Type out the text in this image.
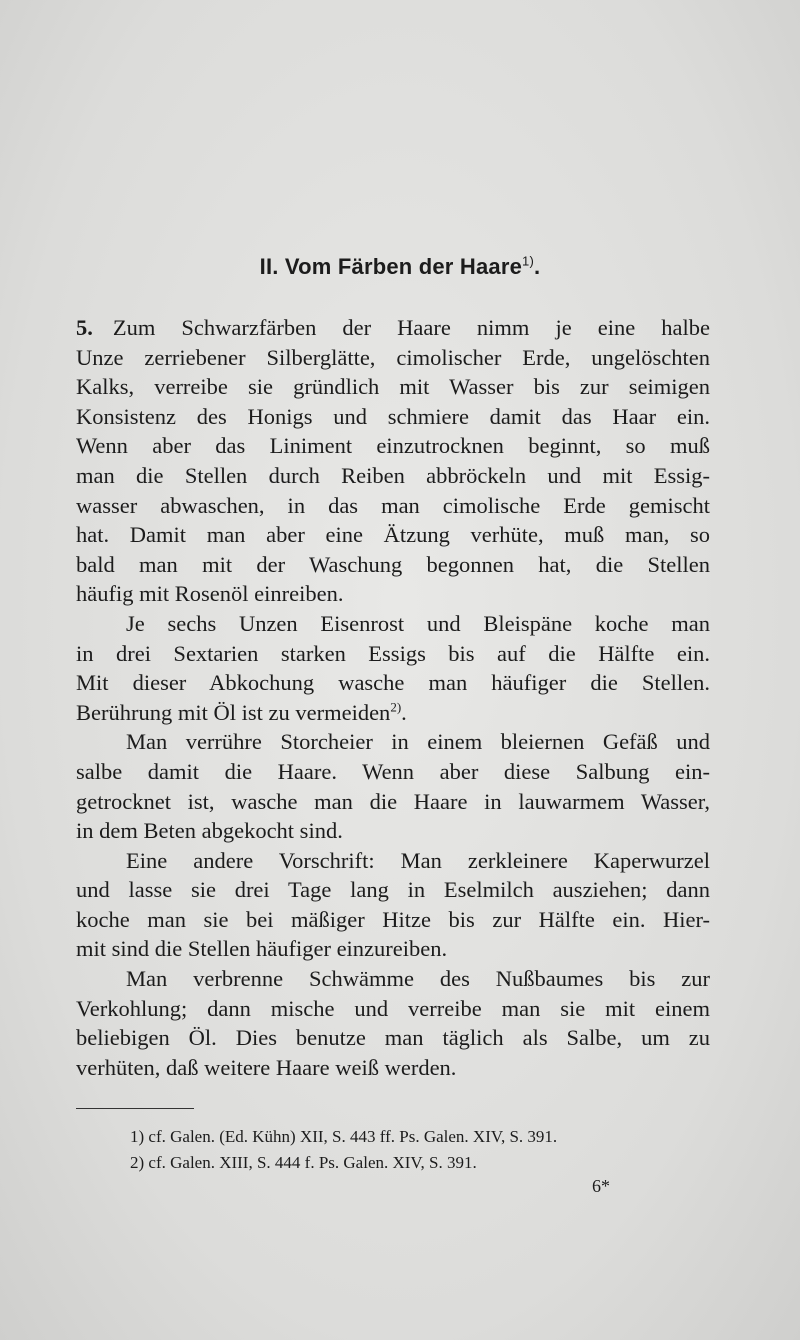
II. Vom Färben der Haare$^{1)}$.
5. Zum Schwarzfärben der Haare nimm je eine halbe
Unze zerriebener Silberglätte, cimolischer Erde, ungelöschten
Kalks, verreibe sie gründlich mit Wasser bis zur seimigen
Konsistenz des Honigs und schmiere damit das Haar ein.
Wenn aber das Liniment einzutrocknen beginnt, so muß
man die Stellen durch Reiben abbröckeln und mit Essig-
wasser abwaschen, in das man cimolische Erde gemischt
hat. Damit man aber eine Ätzung verhüte, muß man, so
bald man mit der Waschung begonnen hat, die Stellen
häufig mit Rosenöl einreiben.
Je sechs Unzen Eisenrost und Bleispäne koche man
in drei Sextarien starken Essigs bis auf die Hälfte ein.
Mit dieser Abkochung wasche man häufiger die Stellen.
Berührung mit Öl ist zu vermeiden$^{2)}$.
Man verrühre Storcheier in einem bleiernen Gefäß und
salbe damit die Haare. Wenn aber diese Salbung ein-
getrocknet ist, wasche man die Haare in lauwarmem Wasser,
in dem Beten abgekocht sind.
Eine andere Vorschrift: Man zerkleinere Kaperwurzel
und lasse sie drei Tage lang in Eselmilch ausziehen; dann
koche man sie bei mäßiger Hitze bis zur Hälfte ein. Hier-
mit sind die Stellen häufiger einzureiben.
Man verbrenne Schwämme des Nußbaumes bis zur
Verkohlung; dann mische und verreibe man sie mit einem
beliebigen Öl. Dies benutze man täglich als Salbe, um zu
verhüten, daß weitere Haare weiß werden.
1) cf. Galen. (Ed. Kühn) XII, S. 443 ff. Ps. Galen. XIV, S. 391.
2) cf. Galen. XIII, S. 444 f. Ps. Galen. XIV, S. 391.
6*
